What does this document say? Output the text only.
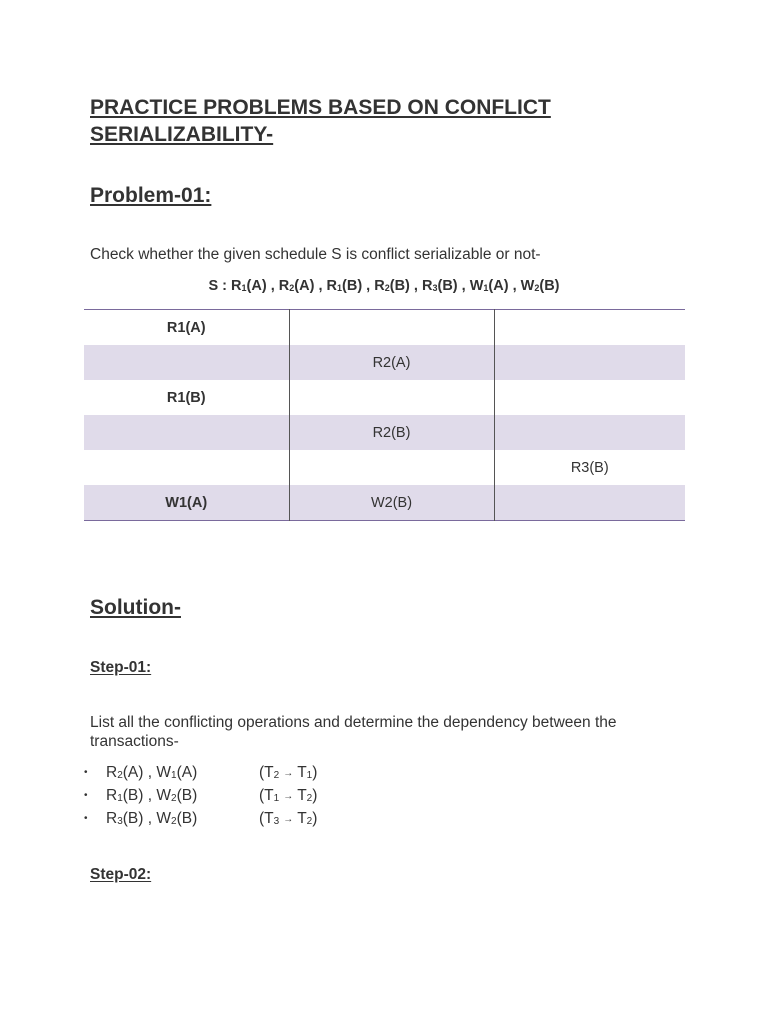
PRACTICE PROBLEMS BASED ON CONFLICT SERIALIZABILITY-
Problem-01:

Check whether the given schedule S is conflict serializable or not-

S : $R_1(A)$ , $R_2(A)$ , $R_1(B)$ , $R_2(B)$ , $R_3(B)$ , $W_1(A)$ , $W_2(B)$
R1(A)		
	R2(A)	
R1(B)		
	R2(B)	
		R3(B)
W1(A)	W2(B)	
Solution-
Step-01:

List all the conflicting operations and determine the dependency between the transactions-

• $R_2(A)$ , $W_1(A)$	$(T_2 \to T_1)$
• $R_1(B)$ , $W_2(B)$	$(T_1 \to T_2)$
• $R_3(B)$ , $W_2(B)$	$(T_3 \to T_2)$
Step-02:
